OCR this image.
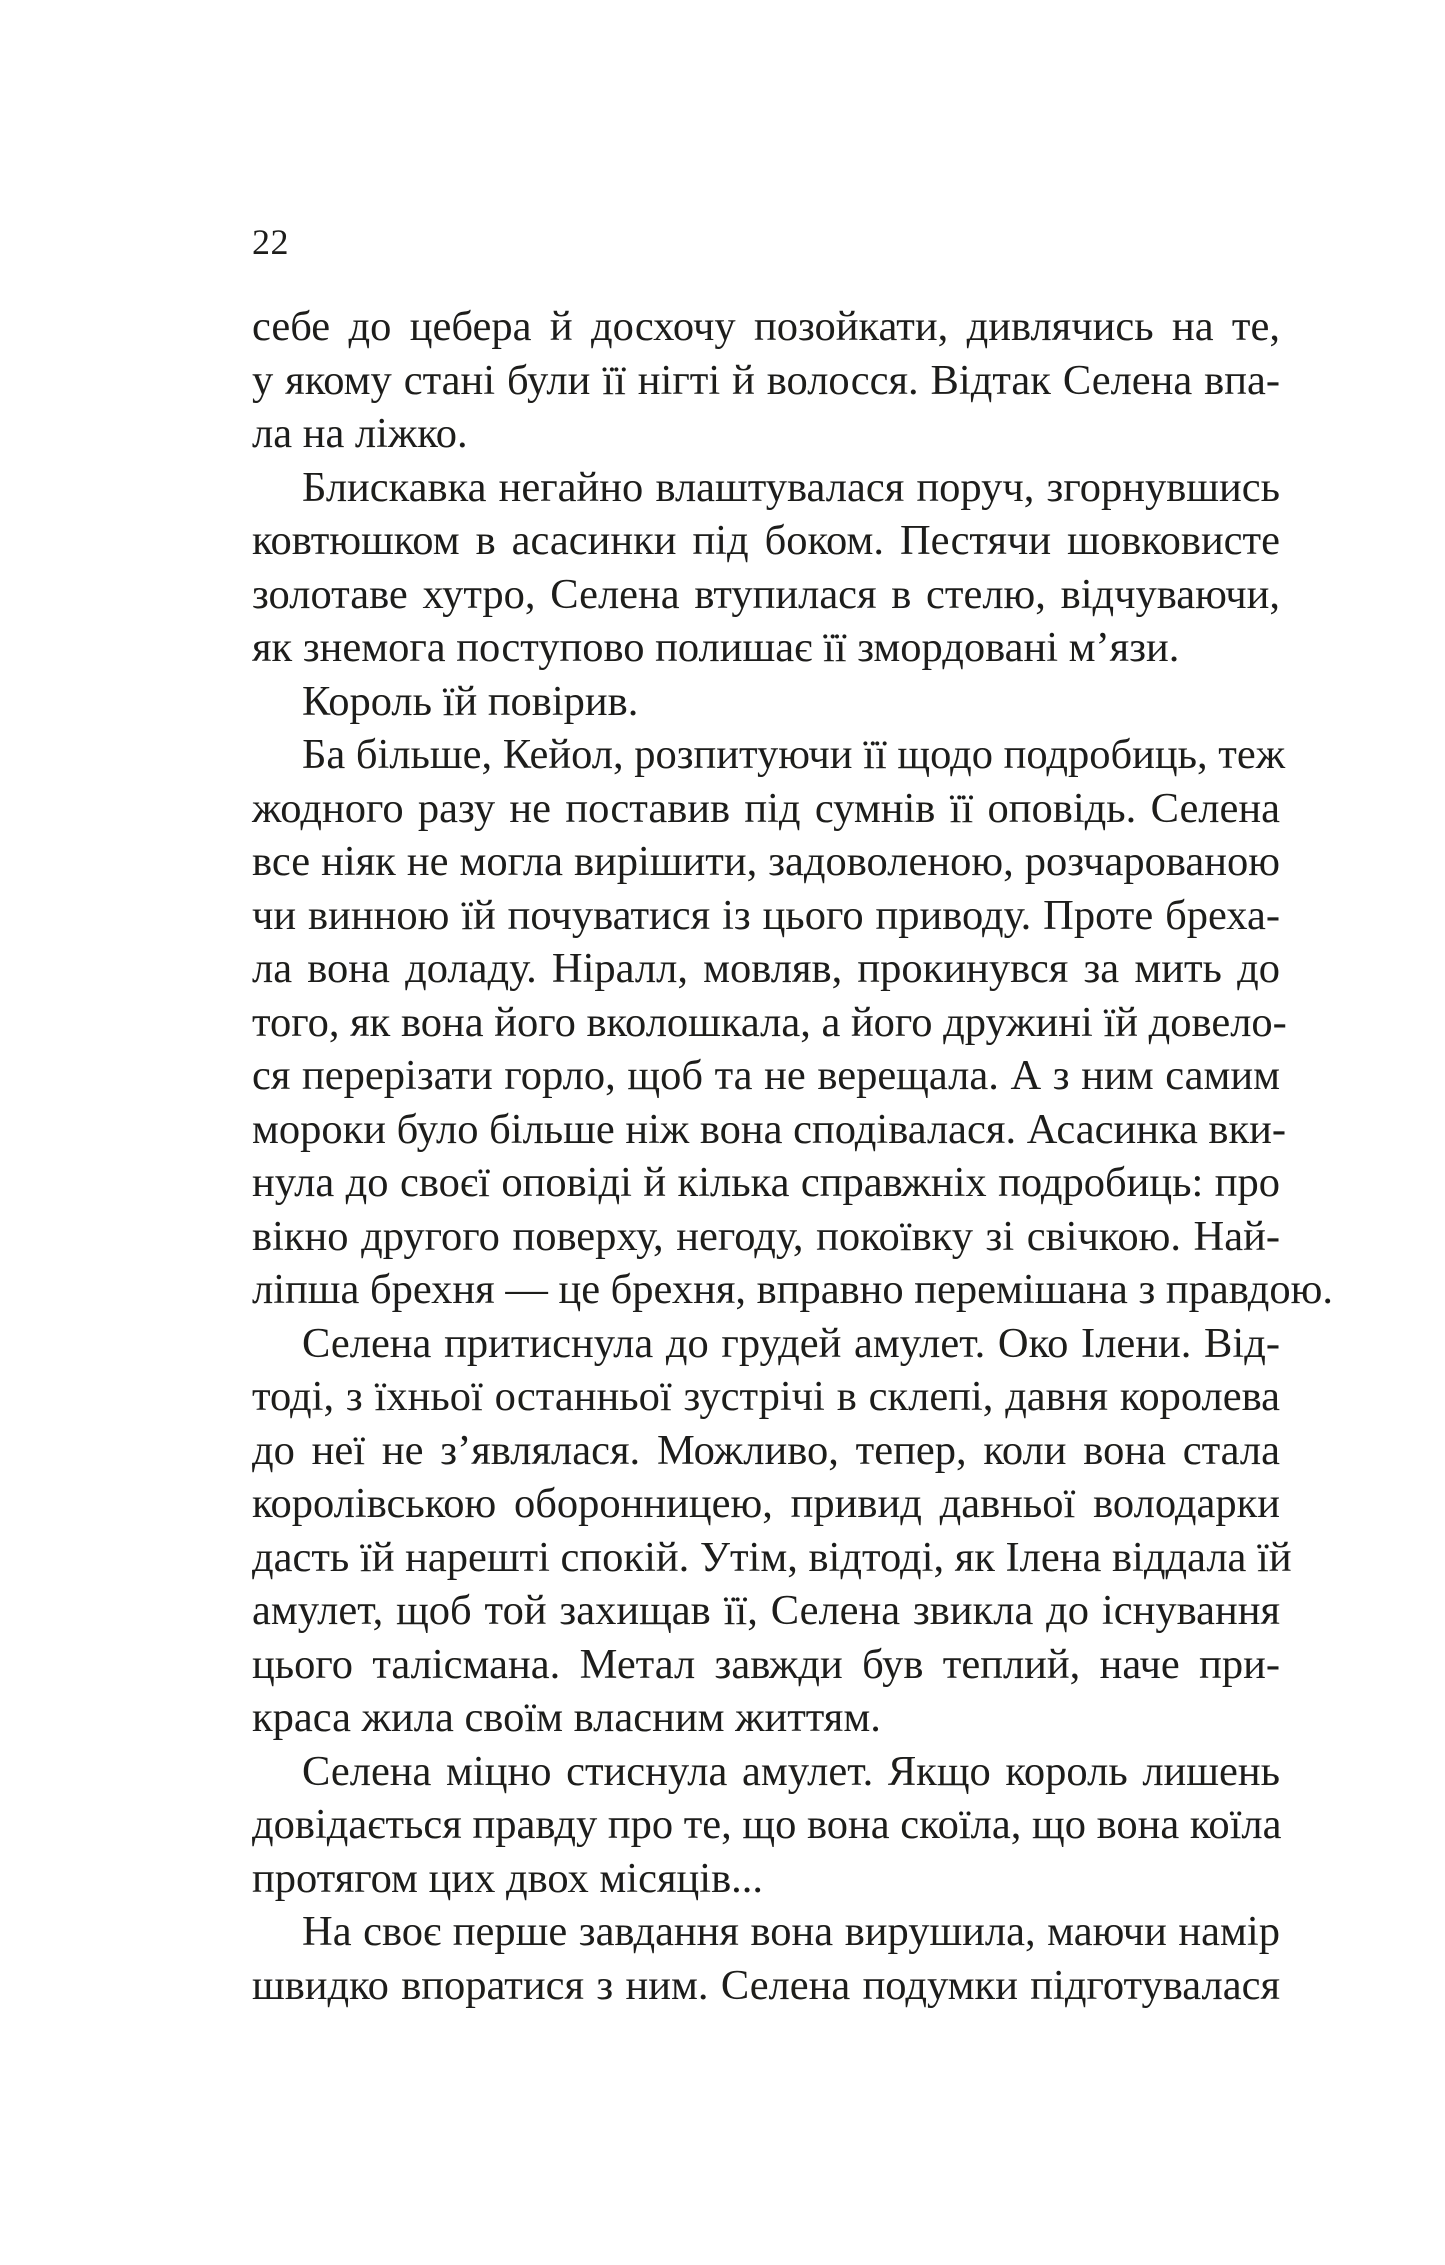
22
себе до цебера й досхочу позойкати, дивлячись на те,
у якому стані були її нігті й волосся. Відтак Селена впа-
ла на ліжко.
Блискавка негайно влаштувалася поруч, згорнувшись
ковтюшком в асасинки під боком. Пестячи шовковисте
золотаве хутро, Селена втупилася в стелю, відчуваючи,
як знемога поступово полишає її змордовані м’язи.
Король їй повірив.
Ба більше, Кейол, розпитуючи її щодо подробиць, теж
жодного разу не поставив під сумнів її оповідь. Селена
все ніяк не могла вирішити, задоволеною, розчарованою
чи винною їй почуватися із цього приводу. Проте бреха-
ла вона доладу. Ніралл, мовляв, прокинувся за мить до
того, як вона його вколошкала, а його дружині їй довело-
ся перерізати горло, щоб та не верещала. А з ним самим
мороки було більше ніж вона сподівалася. Асасинка вки-
нула до своєї оповіді й кілька справжніх подробиць: про
вікно другого поверху, негоду, покоївку зі свічкою. Най-
ліпша брехня — це брехня, вправно перемішана з правдою.
Селена притиснула до грудей амулет. Око Ілени. Від-
тоді, з їхньої останньої зустрічі в склепі, давня королева
до неї не з’являлася. Можливо, тепер, коли вона стала
королівською оборонницею, привид давньої володарки
дасть їй нарешті спокій. Утім, відтоді, як Ілена віддала їй
амулет, щоб той захищав її, Селена звикла до існування
цього талісмана. Метал завжди був теплий, наче при-
краса жила своїм власним життям.
Селена міцно стиснула амулет. Якщо король лишень
довідається правду про те, що вона скоїла, що вона коїла
протягом цих двох місяців...
На своє перше завдання вона вирушила, маючи намір
швидко впоратися з ним. Селена подумки підготувалася
